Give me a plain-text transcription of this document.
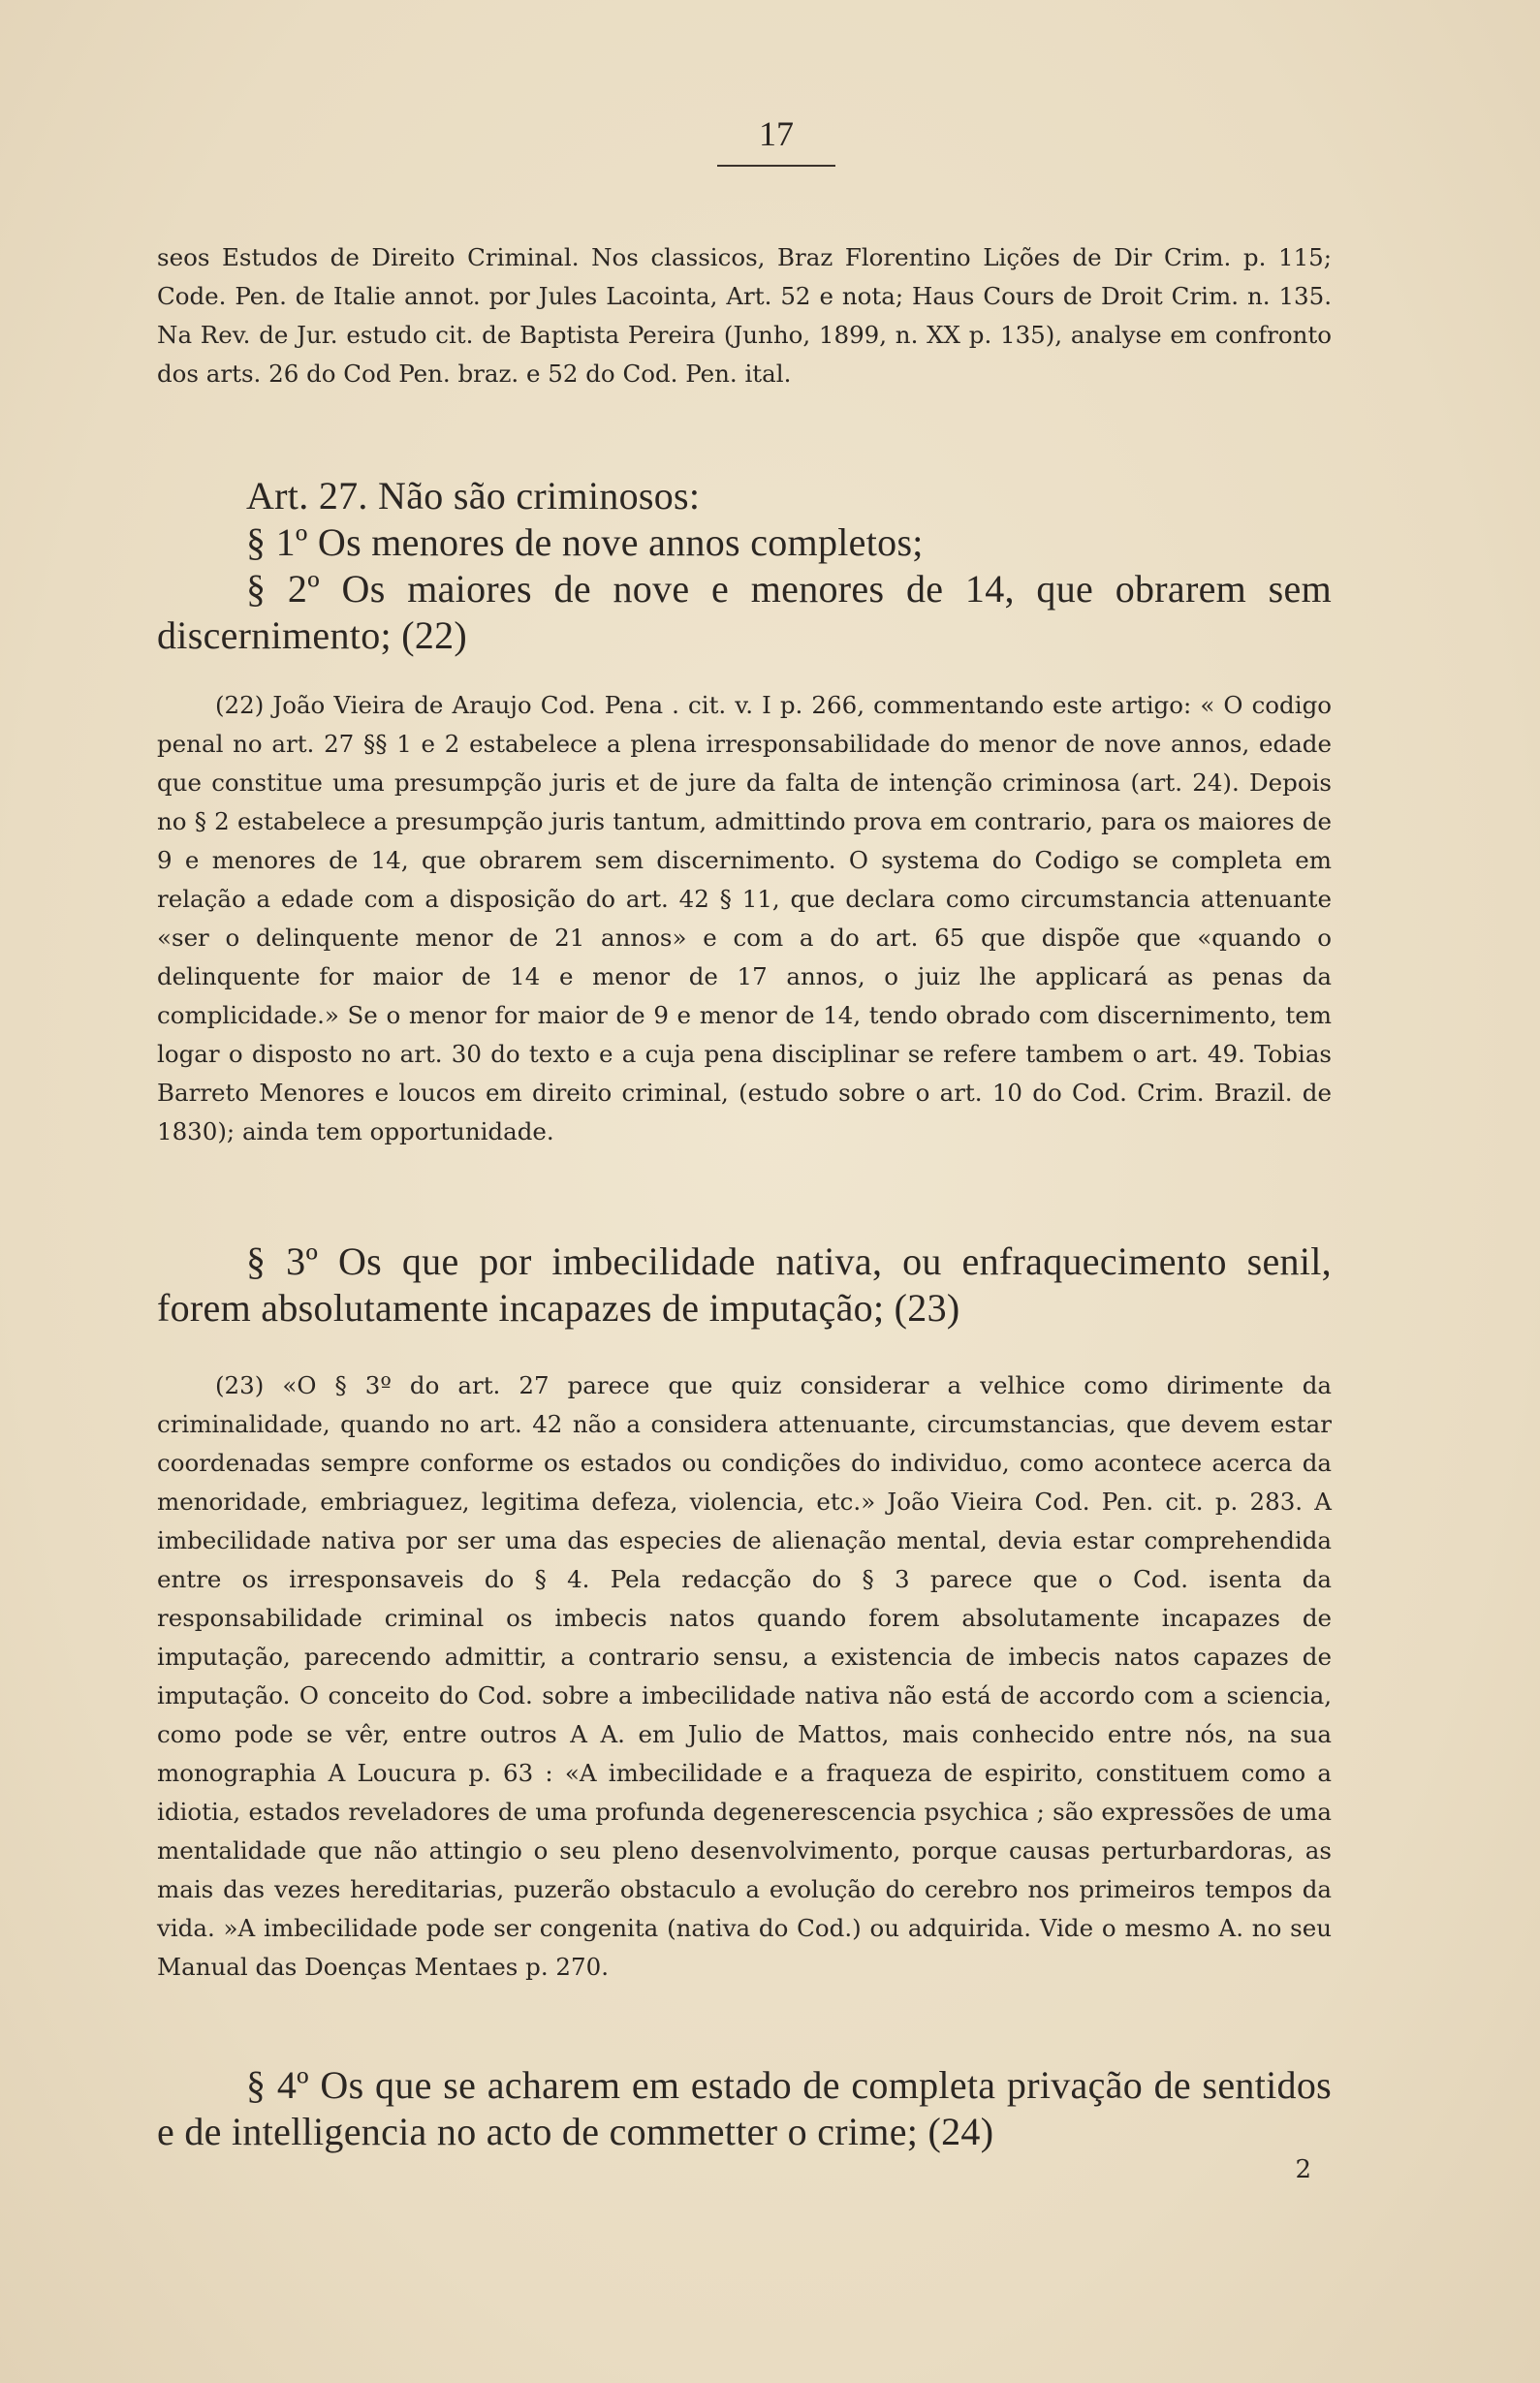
17

seos Estudos de Direito Criminal. Nos classicos, Braz Florentino Lições de Dir Crim. p. 115; Code. Pen. de Italie annot. por Jules Lacointa, Art. 52 e nota; Haus Cours de Droit Crim. n. 135. Na Rev. de Jur. estudo cit. de Baptista Pereira (Junho, 1899, n. XX p. 135), analyse em confronto dos arts. 26 do Cod Pen. braz. e 52 do Cod. Pen. ital.

Art. 27. Não são criminosos:

§ 1º Os menores de nove annos completos;

§ 2º Os maiores de nove e menores de 14, que obrarem sem discernimento; (22)

(22) João Vieira de Araujo Cod. Pena . cit. v. I p. 266, commentando este artigo: « O codigo penal no art. 27 §§ 1 e 2 estabelece a plena irresponsabilidade do menor de nove annos, edade que constitue uma presumpção juris et de jure da falta de intenção criminosa (art. 24). Depois no § 2 estabelece a presumpção juris tantum, admittindo prova em contrario, para os maiores de 9 e menores de 14, que obrarem sem discernimento. O systema do Codigo se completa em relação a edade com a disposição do art. 42 § 11, que declara como circumstancia attenuante «ser o delinquente menor de 21 annos» e com a do art. 65 que dispõe que «quando o delinquente for maior de 14 e menor de 17 annos, o juiz lhe applicará as penas da complicidade.» Se o menor for maior de 9 e menor de 14, tendo obrado com discernimento, tem logar o disposto no art. 30 do texto e a cuja pena disciplinar se refere tambem o art. 49. Tobias Barreto Menores e loucos em direito criminal, (estudo sobre o art. 10 do Cod. Crim. Brazil. de 1830); ainda tem opportunidade.

§ 3º Os que por imbecilidade nativa, ou enfraquecimento senil, forem absolutamente incapazes de imputação; (23)

(23) «O § 3º do art. 27 parece que quiz considerar a velhice como dirimente da criminalidade, quando no art. 42 não a considera attenuante, circumstancias, que devem estar coordenadas sempre conforme os estados ou condições do individuo, como acontece acerca da menoridade, embriaguez, legitima defeza, violencia, etc.» João Vieira Cod. Pen. cit. p. 283. A imbecilidade nativa por ser uma das especies de alienação mental, devia estar comprehendida entre os irresponsaveis do § 4. Pela redacção do § 3 parece que o Cod. isenta da responsabilidade criminal os imbecis natos quando forem absolutamente incapazes de imputação, parecendo admittir, a contrario sensu, a existencia de imbecis natos capazes de imputação. O conceito do Cod. sobre a imbecilidade nativa não está de accordo com a sciencia, como pode se vêr, entre outros A A. em Julio de Mattos, mais conhecido entre nós, na sua monographia A Loucura p. 63 : «A imbecilidade e a fraqueza de espirito, constituem como a idiotia, estados reveladores de uma profunda degenerescencia psychica ; são expressões de uma mentalidade que não attingio o seu pleno desenvolvimento, porque causas perturbardoras, as mais das vezes hereditarias, puzerão obstaculo a evolução do cerebro nos primeiros tempos da vida. »A imbecilidade pode ser congenita (nativa do Cod.) ou adquirida. Vide o mesmo A. no seu Manual das Doenças Mentaes p. 270.

§ 4º Os que se acharem em estado de completa privação de sentidos e de intelligencia no acto de commetter o crime; (24)

2
